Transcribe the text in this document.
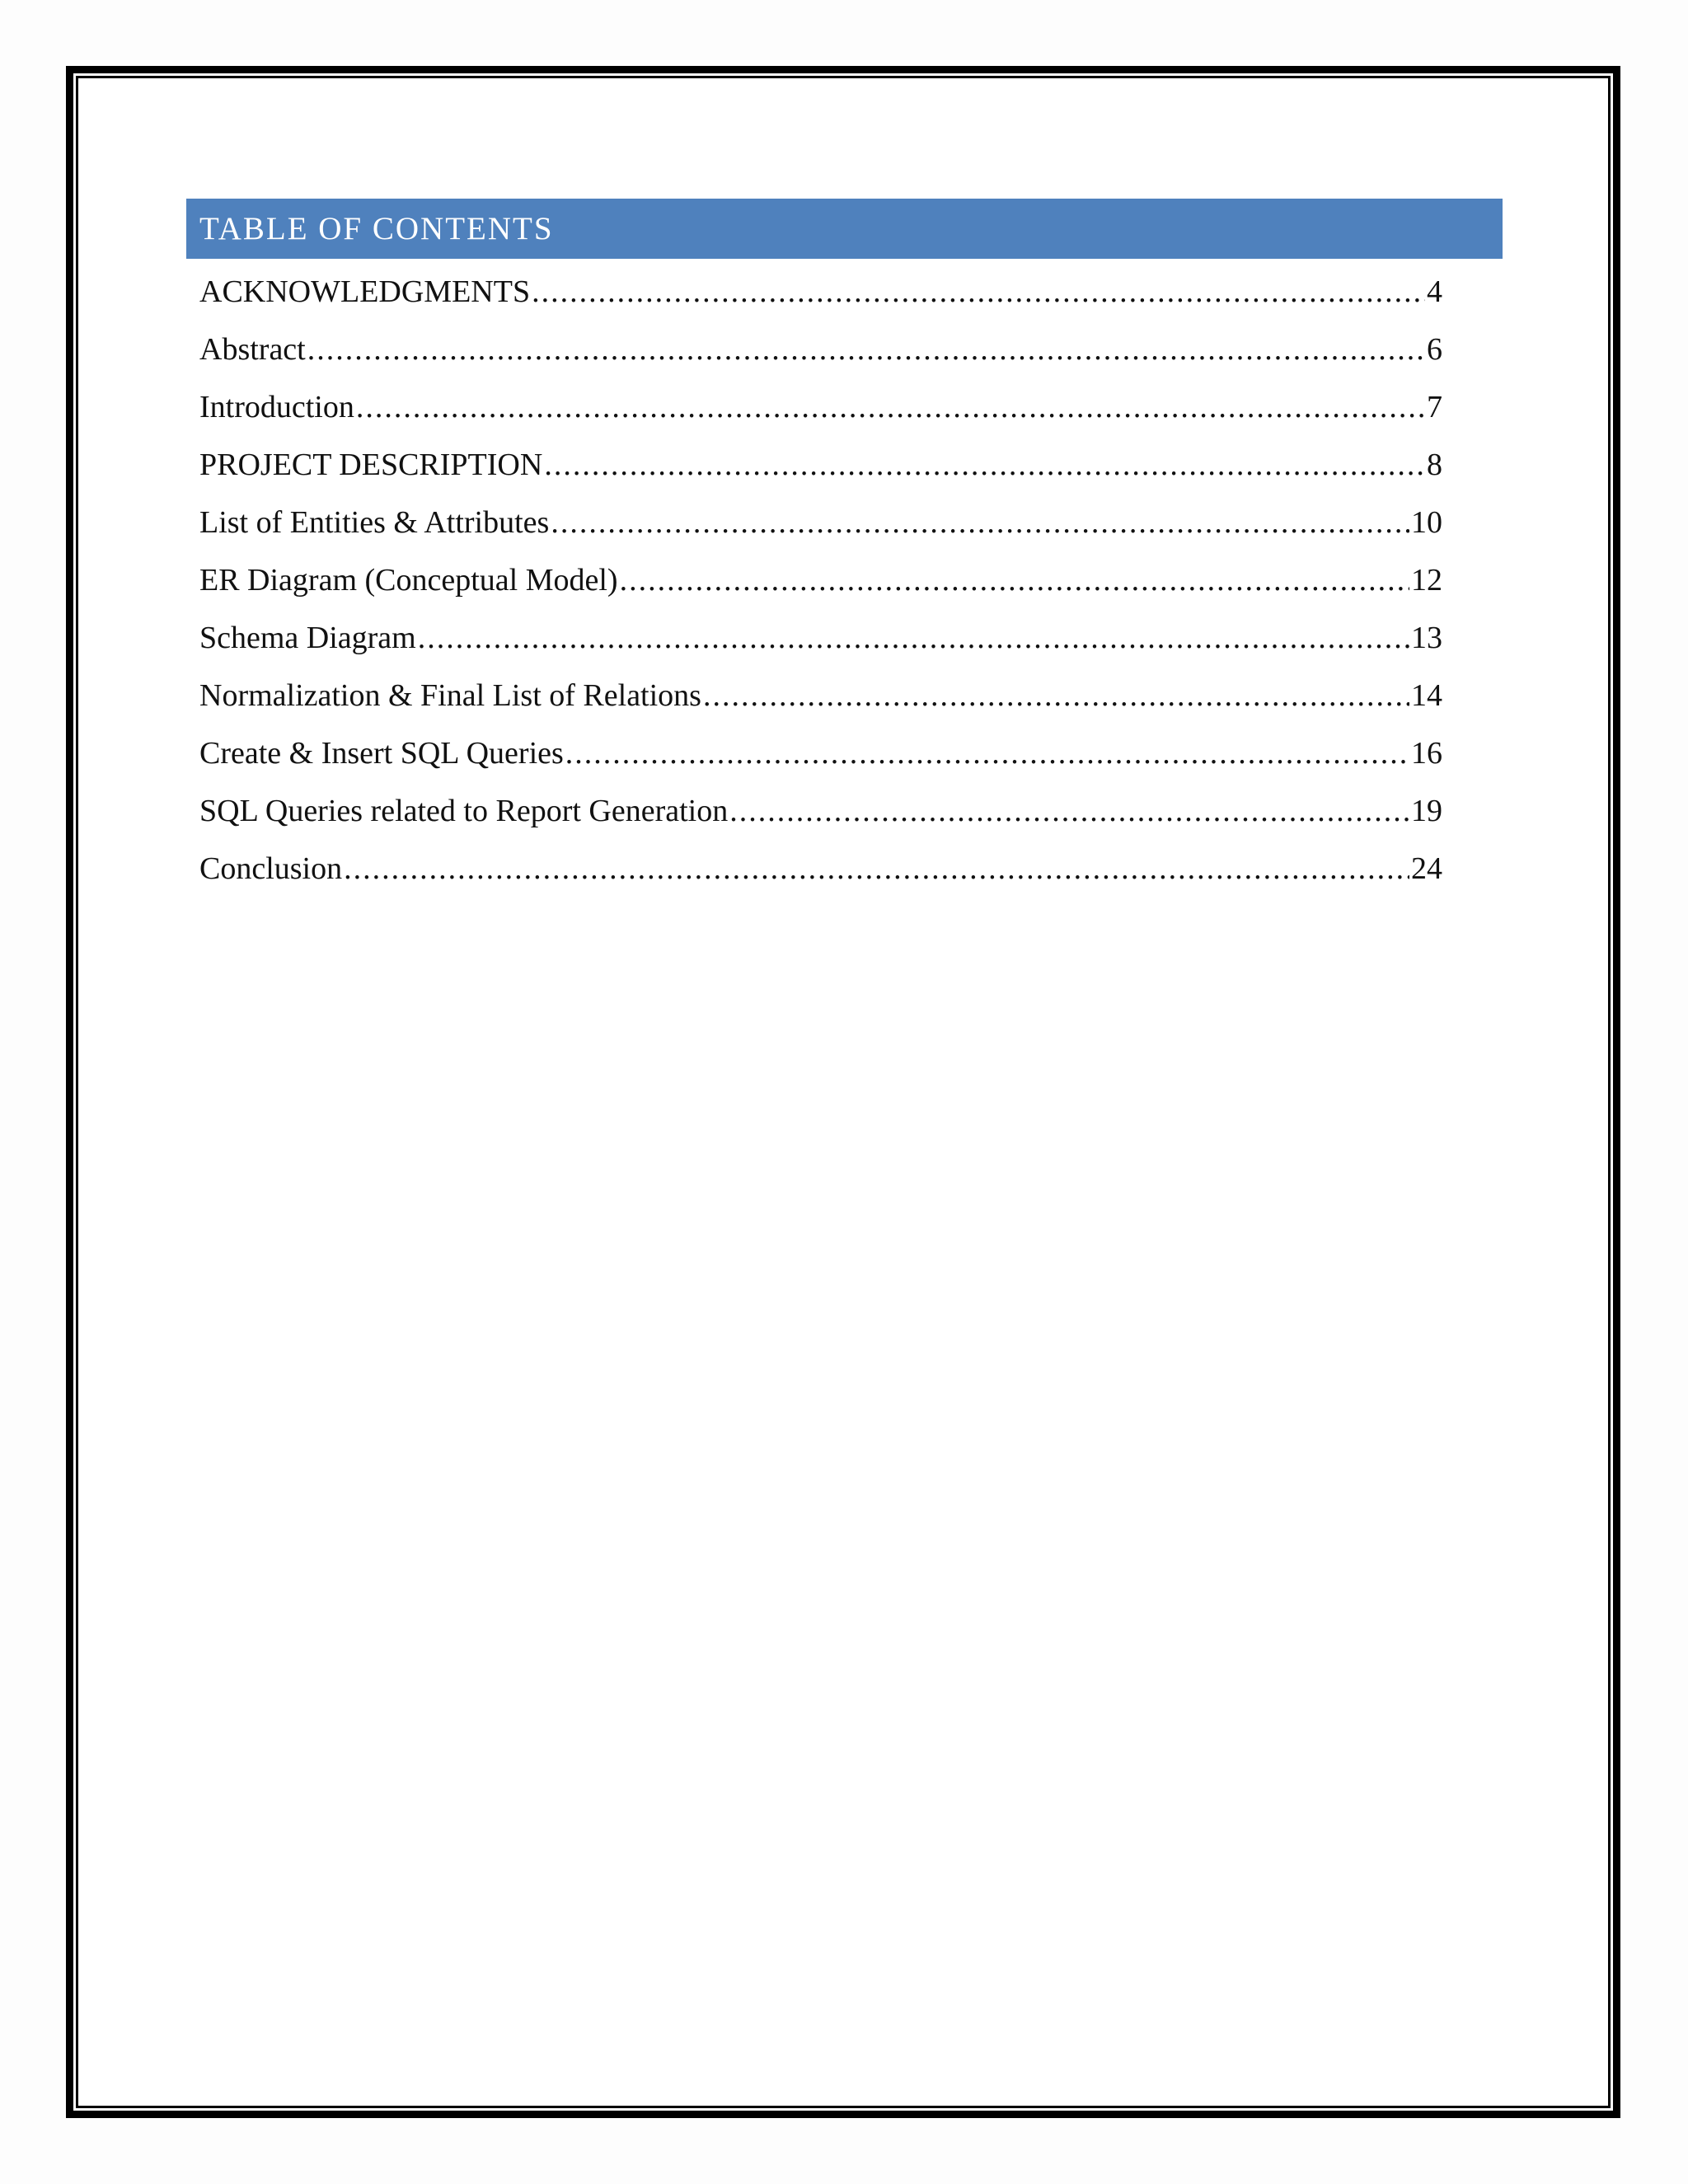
TABLE OF CONTENTS
ACKNOWLEDGMENTS .....	4
Abstract .....	6
Introduction .....	7
PROJECT DESCRIPTION .....	8
List of Entities & Attributes .....	10
ER Diagram (Conceptual Model) .....	12
Schema Diagram .....	13
Normalization & Final List of Relations .....	14
Create & Insert SQL Queries .....	16
SQL Queries related to Report Generation .....	19
Conclusion .....	24
